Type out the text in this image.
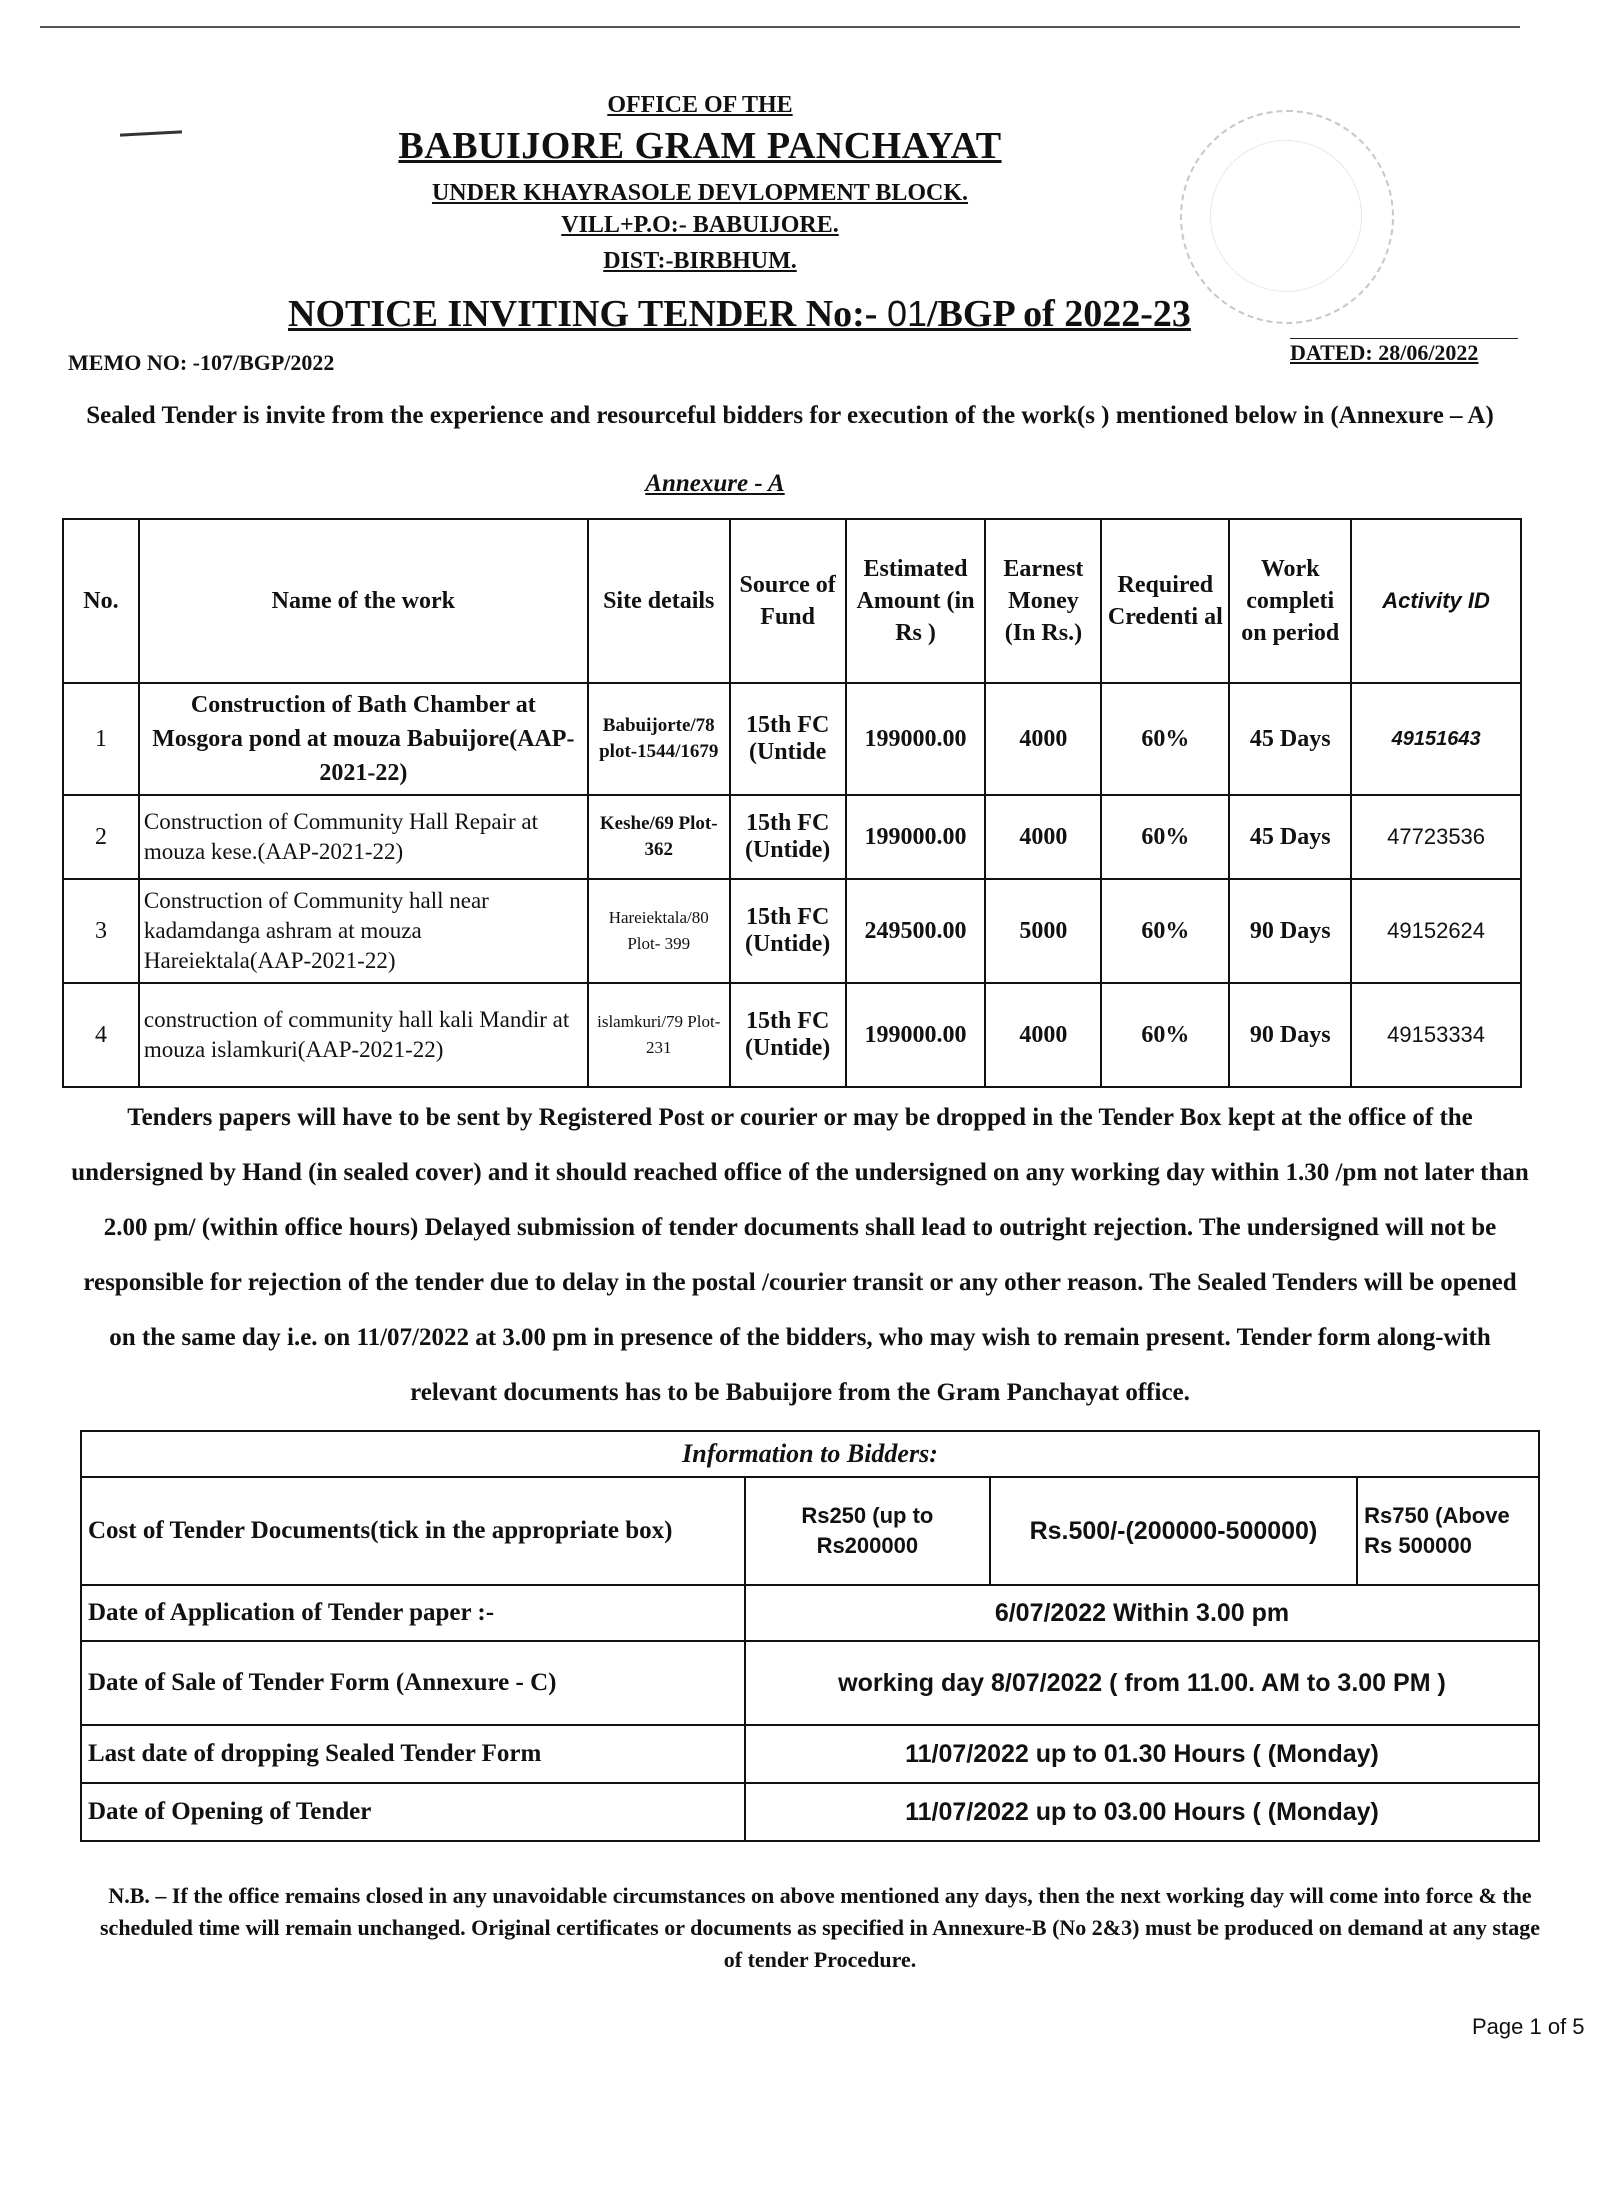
OFFICE OF THE
BABUIJORE GRAM PANCHAYAT
UNDER KHAYRASOLE DEVLOPMENT BLOCK.
VILL+P.O:- BABUIJORE.
DIST:-BIRBHUM.
NOTICE INVITING TENDER No:- 01/BGP of 2022-23
MEMO NO: -107/BGP/2022	DATED: 28/06/2022
Sealed Tender is invite from the experience and resourceful bidders for execution of the work(s ) mentioned below in (Annexure – A)
Annexure - A
No.	Name of the work	Site details	Source of Fund	Estimated Amount (in Rs )	Earnest Money (In Rs.)	Required Credenti al	Work completi on period	Activity ID
1	Construction of Bath Chamber at Mosgora pond at mouza Babuijore(AAP-2021-22)	Babuijorte/78 plot-1544/1679	15th FC (Untide	199000.00	4000	60%	45 Days	49151643
2	Construction of Community Hall Repair at mouza kese.(AAP-2021-22)	Keshe/69 Plot-362	15th FC (Untide)	199000.00	4000	60%	45 Days	47723536
3	Construction of Community hall near kadamdanga ashram at mouza Hareiektala(AAP-2021-22)	Hareiektala/80 Plot- 399	15th FC (Untide)	249500.00	5000	60%	90 Days	49152624
4	construction of community hall kali Mandir at mouza islamkuri(AAP-2021-22)	islamkuri/79 Plot- 231	15th FC (Untide)	199000.00	4000	60%	90 Days	49153334
Tenders papers will have to be sent by Registered Post or courier or may be dropped in the Tender Box kept at the office of the undersigned by Hand (in sealed cover) and it should reached office of the undersigned on any working day within 1.30 /pm not later than 2.00 pm/ (within office hours) Delayed submission of tender documents shall lead to outright rejection. The undersigned will not be responsible for rejection of the tender due to delay in the postal /courier transit or any other reason. The Sealed Tenders will be opened on the same day i.e. on 11/07/2022 at 3.00 pm in presence of the bidders, who may wish to remain present. Tender form along-with relevant documents has to be Babuijore from the Gram Panchayat office.
Information to Bidders:			
Cost of Tender Documents(tick in the appropriate box)	Rs250 (up to Rs200000	Rs.500/-(200000-500000)	Rs750 (Above Rs 500000
Date of Application of Tender paper :-	6/07/2022 Within 3.00 pm		
Date of Sale of Tender Form (Annexure - C)	working day 8/07/2022 ( from 11.00. AM to 3.00 PM )		
Last date of dropping Sealed Tender Form	11/07/2022 up to 01.30 Hours ( (Monday)		
Date of Opening of Tender	11/07/2022 up to 03.00 Hours ( (Monday)		
N.B. – If the office remains closed in any unavoidable circumstances on above mentioned any days, then the next working day will come into force & the scheduled time will remain unchanged. Original certificates or documents as specified in Annexure-B (No 2&3) must be produced on demand at any stage of tender Procedure.
Page 1 of 5
